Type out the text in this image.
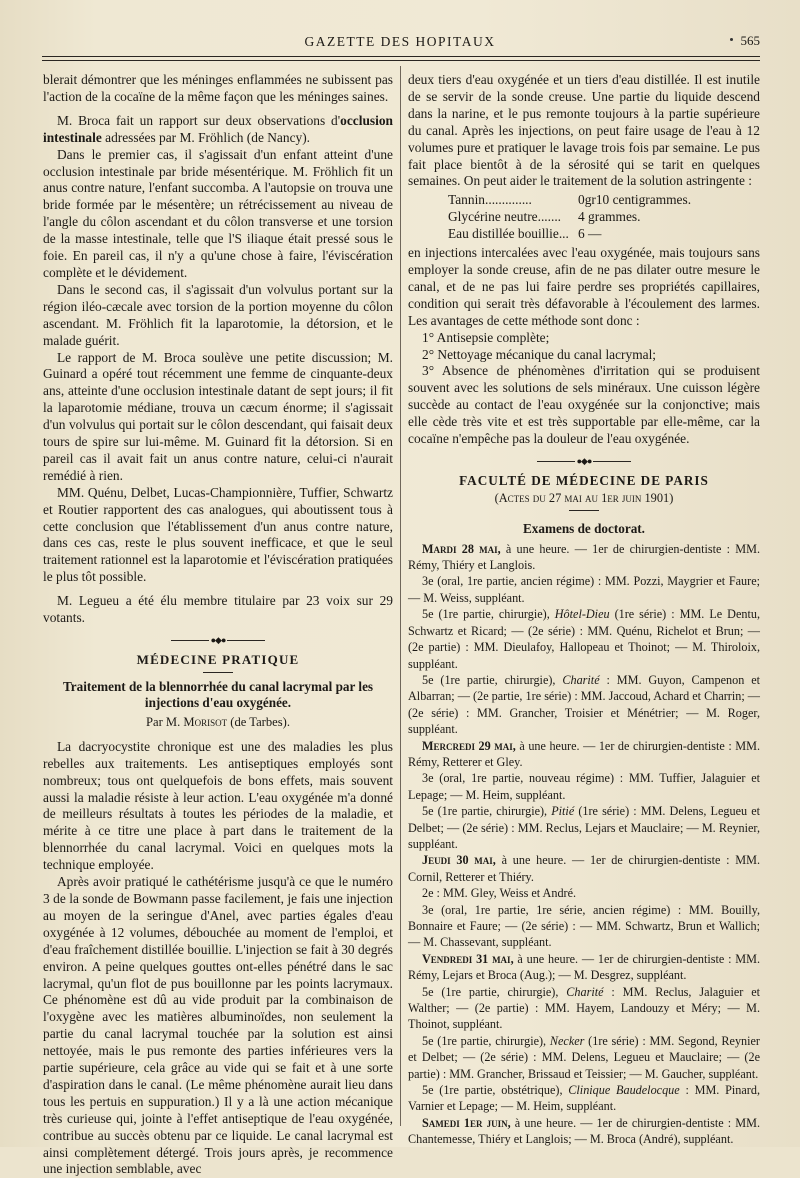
GAZETTE DES HOPITAUX	565

blerait démontrer que les méninges enflammées ne subissent pas l'action de la cocaïne de la même façon que les méninges saines.

M. Broca fait un rapport sur deux observations d'occlusion intestinale adressées par M. Fröhlich (de Nancy).

Dans le premier cas, il s'agissait d'un enfant atteint d'une occlusion intestinale par bride mésentérique. M. Fröhlich fit un anus contre nature, l'enfant succomba. A l'autopsie on trouva une bride formée par le mésentère; un rétrécissement au niveau de l'angle du côlon ascendant et du côlon transverse et une torsion de la masse intestinale, telle que l'S iliaque était pressé sous le foie. En pareil cas, il n'y a qu'une chose à faire, l'éviscération complète et le dévidement.

Dans le second cas, il s'agissait d'un volvulus portant sur la région iléo-cæcale avec torsion de la portion moyenne du côlon ascendant. M. Fröhlich fit la laparotomie, la détorsion, et le malade guérit.

Le rapport de M. Broca soulève une petite discussion; M. Guinard a opéré tout récemment une femme de cinquante-deux ans, atteinte d'une occlusion intestinale datant de sept jours; il fit la laparotomie médiane, trouva un cæcum énorme; il s'agissait d'un volvulus qui portait sur le côlon descendant, qui faisait deux tours de spire sur lui-même. M. Guinard fit la détorsion. Si en pareil cas il avait fait un anus contre nature, celui-ci n'aurait remédié à rien.

MM. Quénu, Delbet, Lucas-Championnière, Tuffier, Schwartz et Routier rapportent des cas analogues, qui aboutissent tous à cette conclusion que l'établissement d'un anus contre nature, dans ces cas, reste le plus souvent inefficace, et que le seul traitement rationnel est la laparotomie et l'éviscération pratiquées le plus tôt possible.

M. Legueu a été élu membre titulaire par 23 voix sur 29 votants.

●◆●
MÉDECINE PRATIQUE
Traitement de la blennorrhée du canal lacrymal par les injections d'eau oxygénée.
Par M. Morisot (de Tarbes).

La dacryocystite chronique est une des maladies les plus rebelles aux traitements. Les antiseptiques employés sont nombreux; tous ont quelquefois de bons effets, mais souvent aussi la maladie résiste à leur action. L'eau oxygénée m'a donné de meilleurs résultats à toutes les périodes de la maladie, et mérite à ce titre une place à part dans le traitement de la blennorrhée du canal lacrymal. Voici en quelques mots la technique employée.

Après avoir pratiqué le cathétérisme jusqu'à ce que le numéro 3 de la sonde de Bowmann passe facilement, je fais une injection au moyen de la seringue d'Anel, avec parties égales d'eau oxygénée à 12 volumes, débouchée au moment de l'emploi, et d'eau fraîchement distillée bouillie. L'injection se fait à 30 degrés environ. A peine quelques gouttes ont-elles pénétré dans le sac lacrymal, qu'un flot de pus bouillonne par les points lacrymaux. Ce phénomène est dû au vide produit par la combinaison de l'oxygène avec les matières albuminoïdes, non seulement la partie du canal lacrymal touchée par la solution est ainsi nettoyée, mais le pus remonte des parties inférieures vers la partie supérieure, cela grâce au vide qui se fait et à une sorte d'aspiration dans le canal. (Le même phénomène aurait lieu dans tous les pertuis en suppuration.) Il y a là une action mécanique très curieuse qui, jointe à l'effet antiseptique de l'eau oxygénée, contribue au succès obtenu par ce liquide. Le canal lacrymal est ainsi complètement détergé. Trois jours après, je recommence une injection semblable, avec

deux tiers d'eau oxygénée et un tiers d'eau distillée. Il est inutile de se servir de la sonde creuse. Une partie du liquide descend dans la narine, et le pus remonte toujours à la partie supérieure du canal. Après les injections, on peut faire usage de l'eau à 12 volumes pure et pratiquer le lavage trois fois par semaine. Le pus fait place bientôt à de la sérosité qui se tarit en quelques semaines. On peut aider le traitement de la solution astringente :

Tannin..............	0gr10 centigrammes.
Glycérine neutre.......	4 grammes.
Eau distillée bouillie... 6 —

en injections intercalées avec l'eau oxygénée, mais toujours sans employer la sonde creuse, afin de ne pas dilater outre mesure le canal, et de ne pas lui faire perdre ses propriétés capillaires, condition qui serait très défavorable à l'écoulement des larmes. Les avantages de cette méthode sont donc :

1° Antisepsie complète;

2° Nettoyage mécanique du canal lacrymal;

3° Absence de phénomènes d'irritation qui se produisent souvent avec les solutions de sels minéraux. Une cuisson légère succède au contact de l'eau oxygénée sur la conjonctive; mais elle cède très vite et est très supportable par elle-même, car la cocaïne n'empêche pas la douleur de l'eau oxygénée.

●◆●
FACULTÉ DE MÉDECINE DE PARIS
(Actes du 27 mai au 1er juin 1901)
Examens de doctorat.

Mardi 28 mai, à une heure. — 1er de chirurgien-dentiste : MM. Rémy, Thiéry et Langlois.

3e (oral, 1re partie, ancien régime) : MM. Pozzi, Maygrier et Faure; — M. Weiss, suppléant.

5e (1re partie, chirurgie), Hôtel-Dieu (1re série) : MM. Le Dentu, Schwartz et Ricard; — (2e série) : MM. Quénu, Richelot et Brun; — (2e partie) : MM. Dieulafoy, Hallopeau et Thoinot; — M. Thiroloix, suppléant.

5e (1re partie, chirurgie), Charité : MM. Guyon, Campenon et Albarran; — (2e partie, 1re série) : MM. Jaccoud, Achard et Charrin; — (2e série) : MM. Grancher, Troisier et Ménétrier; — M. Roger, suppléant.

Mercredi 29 mai, à une heure. — 1er de chirurgien-dentiste : MM. Rémy, Retterer et Gley.

3e (oral, 1re partie, nouveau régime) : MM. Tuffier, Jalaguier et Lepage; — M. Heim, suppléant.

5e (1re partie, chirurgie), Pitié (1re série) : MM. Delens, Legueu et Delbet; — (2e série) : MM. Reclus, Lejars et Mauclaire; — M. Reynier, suppléant.

Jeudi 30 mai, à une heure. — 1er de chirurgien-dentiste : MM. Cornil, Retterer et Thiéry.

2e : MM. Gley, Weiss et André.

3e (oral, 1re partie, 1re série, ancien régime) : MM. Bouilly, Bonnaire et Faure; — (2e série) : — MM. Schwartz, Brun et Wallich; — M. Chassevant, suppléant.

Vendredi 31 mai, à une heure. — 1er de chirurgien-dentiste : MM. Rémy, Lejars et Broca (Aug.); — M. Desgrez, suppléant.

5e (1re partie, chirurgie), Charité : MM. Reclus, Jalaguier et Walther; — (2e partie) : MM. Hayem, Landouzy et Méry; — M. Thoinot, suppléant.

5e (1re partie, chirurgie), Necker (1re série) : MM. Segond, Reynier et Delbet; — (2e série) : MM. Delens, Legueu et Mauclaire; — (2e partie) : MM. Grancher, Brissaud et Teissier; — M. Gaucher, suppléant.

5e (1re partie, obstétrique), Clinique Baudelocque : MM. Pinard, Varnier et Lepage; — M. Heim, suppléant.

Samedi 1er juin, à une heure. — 1er de chirurgien-dentiste : MM. Chantemesse, Thiéry et Langlois; — M. Broca (André), suppléant.
